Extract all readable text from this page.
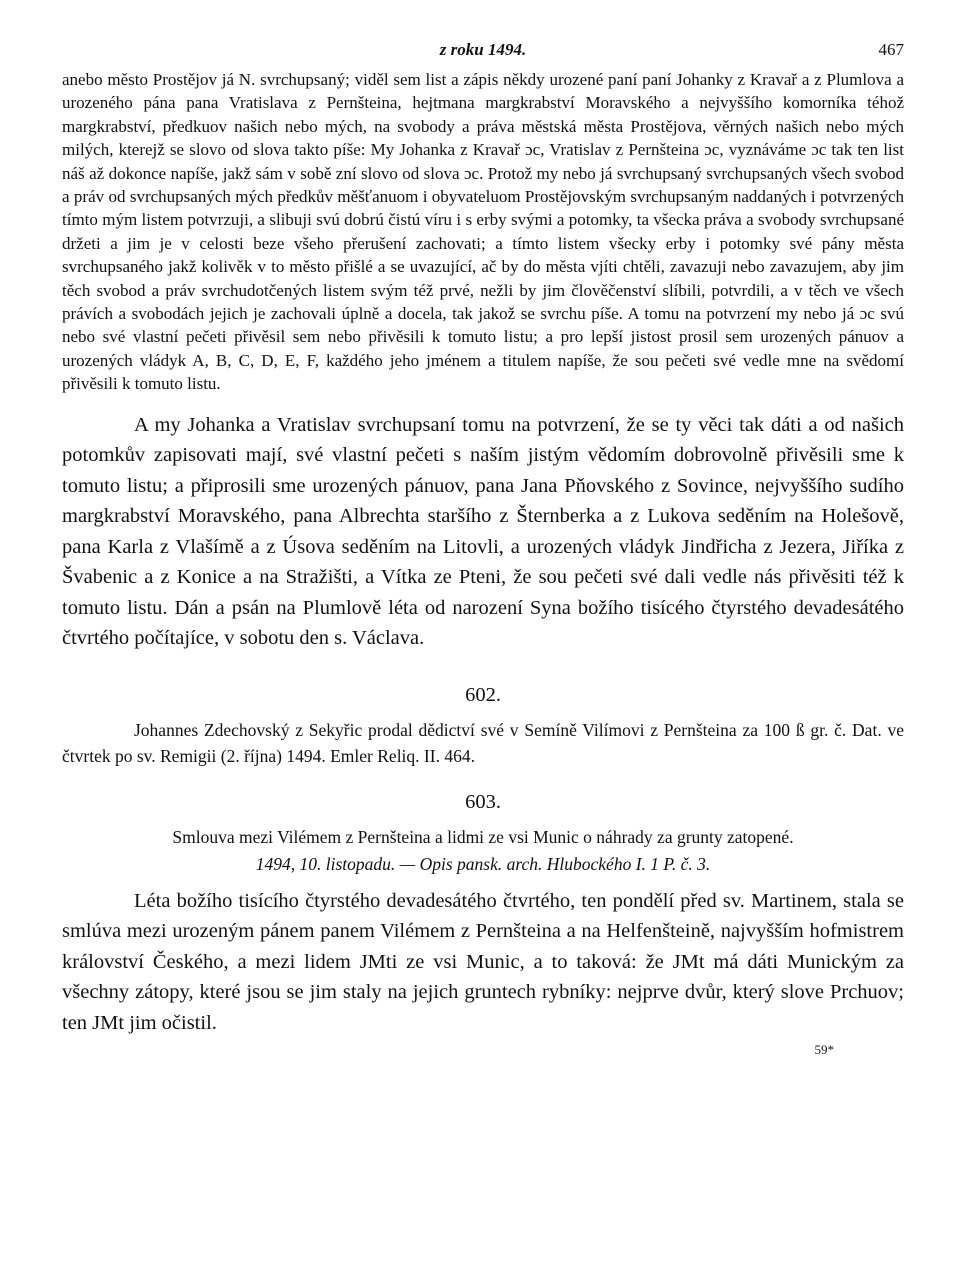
z roku 1494.	467

anebo město Prostějov já N. svrchupsaný; viděl sem list a zápis někdy urozené paní paní Johanky z Kravař a z Plumlova a urozeného pána pana Vratislava z Pernšteina, hejtmana margkrabství Moravského a nejvyššího komorníka téhož margkrabství, předkuov našich nebo mých, na svobody a práva městská města Prostějova, věrných našich nebo mých milých, kterejž se slovo od slova takto píše: My Johanka z Kravař ɔc, Vratislav z Pernšteina ɔc, vyznáváme ɔc tak ten list náš až dokonce napíše, jakž sám v sobě zní slovo od slova ɔc. Protož my nebo já svrchupsaný svrchupsaných všech svobod a práv od svrchupsaných mých předkův měšťanuom i obyvateluom Prostějovským svrchupsaným naddaných i potvrzených tímto mým listem potvrzuji, a slibuji svú dobrú čistú víru i s erby svými a potomky, ta všecka práva a svobody svrchupsané držeti a jim je v celosti beze všeho přerušení zachovati; a tímto listem všecky erby i potomky své pány města svrchupsaného jakž kolivěk v to město přišlé a se uvazující, ač by do města vjíti chtěli, zavazuji nebo zavazujem, aby jim těch svobod a práv svrchudotčených listem svým též prvé, nežli by jim člověčenství slíbili, potvrdili, a v těch ve všech právích a svobodách jejich je zachovali úplně a docela, tak jakož se svrchu píše. A tomu na potvrzení my nebo já ɔc svú nebo své vlastní pečeti přivěsil sem nebo přivěsili k tomuto listu; a pro lepší jistost prosil sem urozených pánuov a urozených vládyk A, B, C, D, E, F, každého jeho jménem a titulem napíše, že sou pečeti své vedle mne na svědomí přivěsili k tomuto listu.

A my Johanka a Vratislav svrchupsaní tomu na potvrzení, že se ty věci tak dáti a od našich potomkův zapisovati mají, své vlastní pečeti s naším jistým vědomím dobrovolně přivěsili sme k tomuto listu; a připrosili sme urozených pánuov, pana Jana Pňovského z Sovince, nejvyššího sudího margkrabství Moravského, pana Albrechta staršího z Šternberka a z Lukova seděním na Holešově, pana Karla z Vlašímě a z Úsova seděním na Litovli, a urozených vládyk Jindřicha z Jezera, Jiříka z Švabenic a z Konice a na Stražišti, a Vítka ze Pteni, že sou pečeti své dali vedle nás přivěsiti též k tomuto listu. Dán a psán na Plumlově léta od narození Syna božího tisícého čtyrstého devadesátého čtvrtého počítajíce, v sobotu den s. Václava.

602.

Johannes Zdechovský z Sekyřic prodal dědictví své v Semíně Vilímovi z Pernšteina za 100 ß gr. č. Dat. ve čtvrtek po sv. Remigii (2. října) 1494. Emler Reliq. II. 464.

603.

Smlouva mezi Vilémem z Pernšteina a lidmi ze vsi Munic o náhrady za grunty zatopené.

1494, 10. listopadu. — Opis pansk. arch. Hlubockého I. 1 P. č. 3.

Léta božího tisícího čtyrstého devadesátého čtvrtého, ten pondělí před sv. Martinem, stala se smlúva mezi urozeným pánem panem Vilémem z Pernšteina a na Helfenšteině, najvyšším hofmistrem království Českého, a mezi lidem JMti ze vsi Munic, a to taková: že JMt má dáti Munickým za všechny zátopy, které jsou se jim staly na jejich gruntech rybníky: nejprve dvůr, který slove Prchuov; ten JMt jim očistil.

59*
